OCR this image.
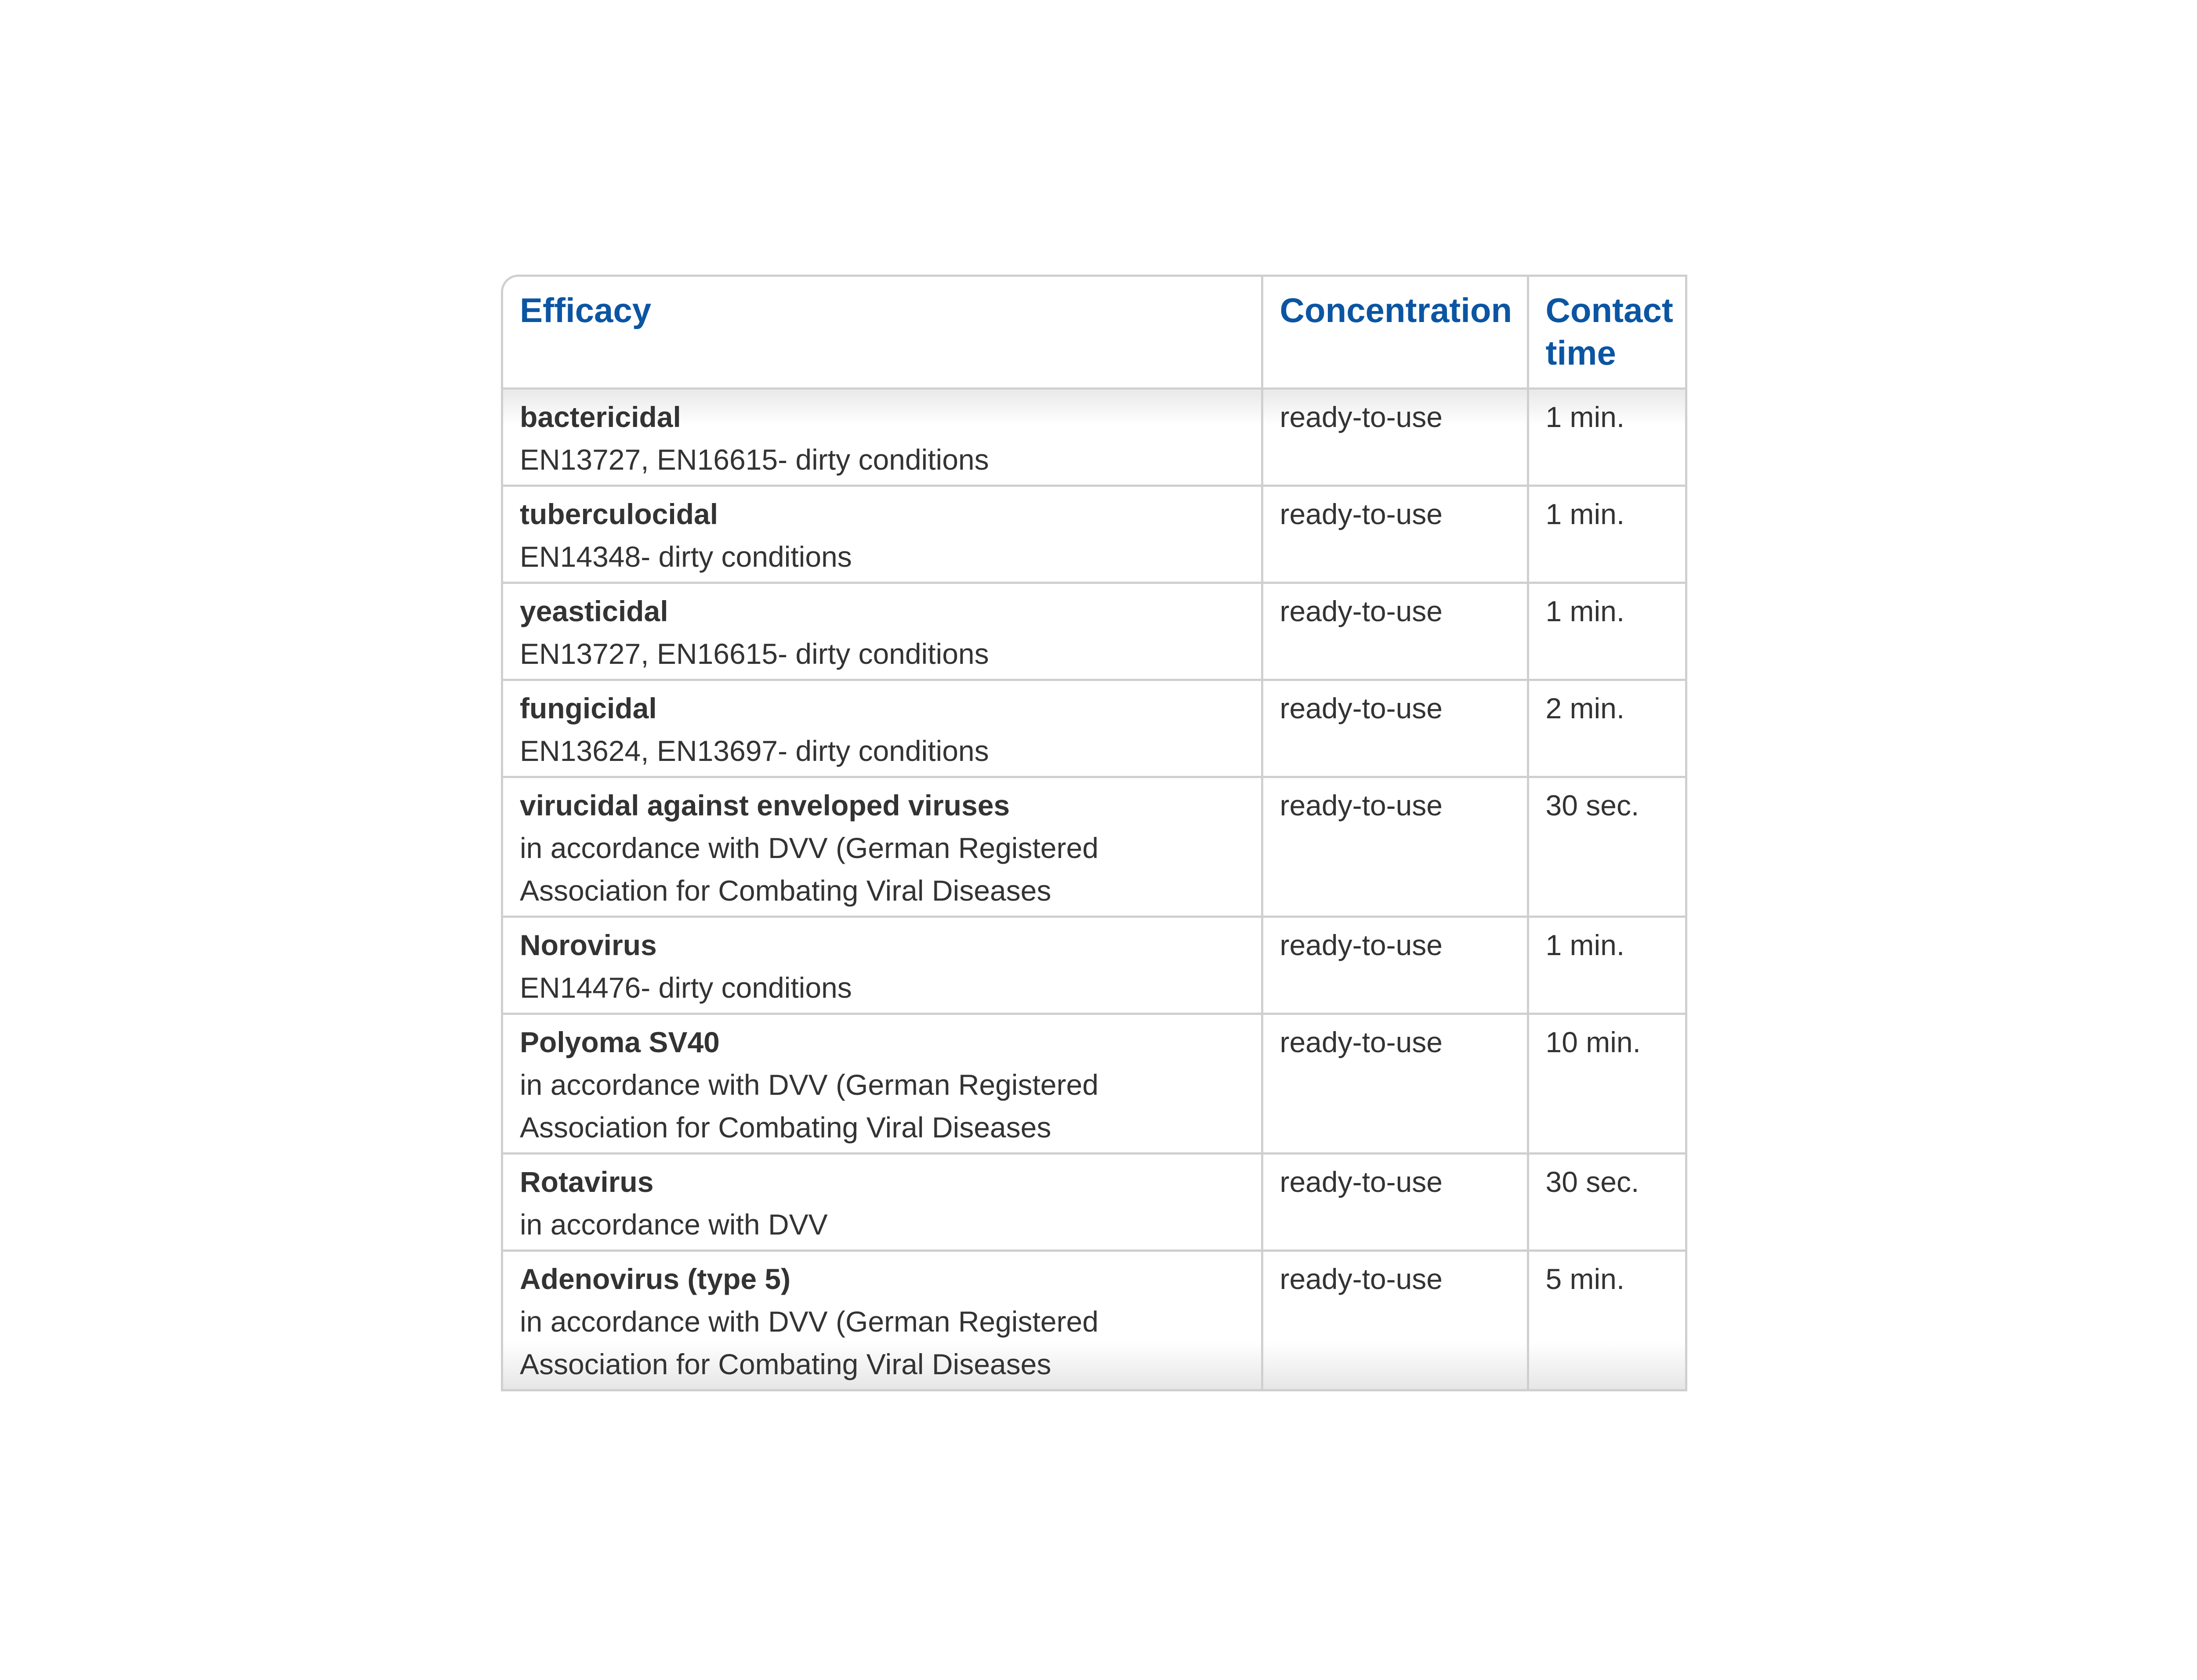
Efficacy	Concentration	Contact time

bactericidal
EN13727, EN16615- dirty conditions	ready-to-use	1 min.

tuberculocidal
EN14348- dirty conditions	ready-to-use	1 min.

yeasticidal
EN13727, EN16615- dirty conditions	ready-to-use	1 min.

fungicidal
EN13624, EN13697- dirty conditions	ready-to-use	2 min.

virucidal against enveloped viruses
in accordance with DVV (German Registered Association for Combating Viral Diseases	ready-to-use	30 sec.

Norovirus
EN14476- dirty conditions	ready-to-use	1 min.

Polyoma SV40
in accordance with DVV (German Registered Association for Combating Viral Diseases	ready-to-use	10 min.

Rotavirus
in accordance with DVV	ready-to-use	30 sec.

Adenovirus (type 5)
in accordance with DVV (German Registered Association for Combating Viral Diseases	ready-to-use	5 min.
